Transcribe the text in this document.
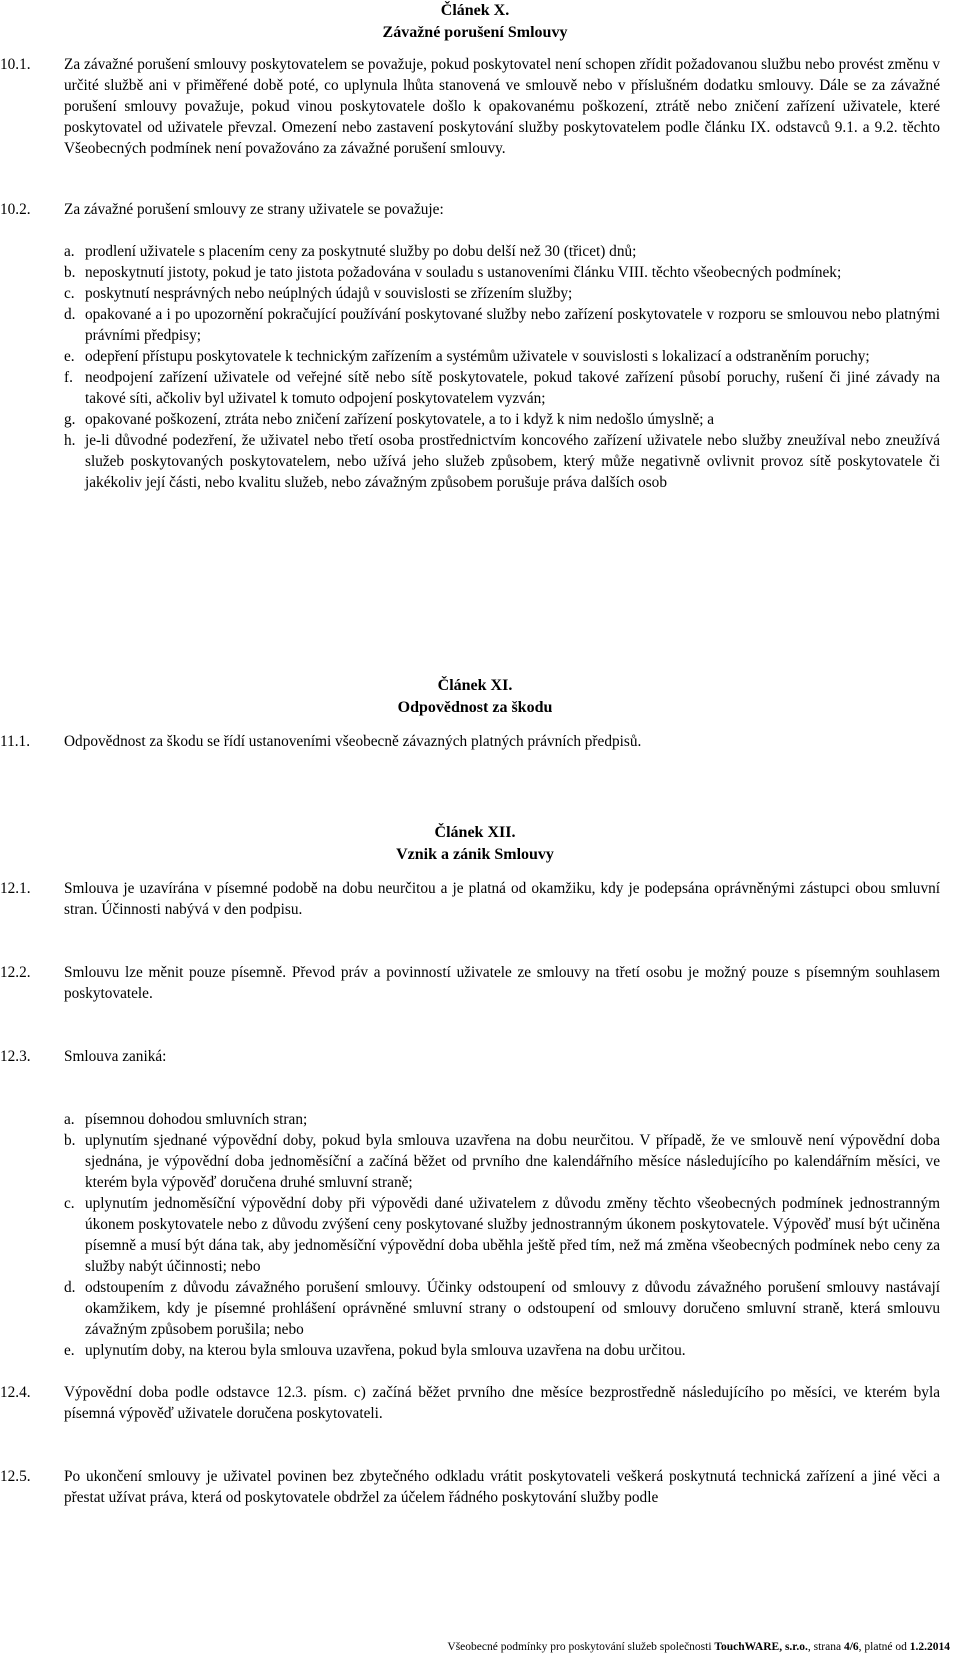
Článek X.
Závažné porušení Smlouvy
10.1. Za závažné porušení smlouvy poskytovatelem se považuje, pokud poskytovatel není schopen zřídit požadovanou službu nebo provést změnu v určité službě ani v přiměřené době poté, co uplynula lhůta stanovená ve smlouvě nebo v příslušném dodatku smlouvy. Dále se za závažné porušení smlouvy považuje, pokud vinou poskytovatele došlo k opakovanému poškození, ztrátě nebo zničení zařízení uživatele, které poskytovatel od uživatele převzal. Omezení nebo zastavení poskytování služby poskytovatelem podle článku IX. odstavců 9.1. a 9.2. těchto Všeobecných podmínek není považováno za závažné porušení smlouvy.
10.2. Za závažné porušení smlouvy ze strany uživatele se považuje:
a. prodlení uživatele s placením ceny za poskytnuté služby po dobu delší než 30 (třicet) dnů;
b. neposkytnutí jistoty, pokud je tato jistota požadována v souladu s ustanoveními článku VIII. těchto všeobecných podmínek;
c. poskytnutí nesprávných nebo neúplných údajů v souvislosti se zřízením služby;
d. opakované a i po upozornění pokračující používání poskytované služby nebo zařízení poskytovatele v rozporu se smlouvou nebo platnými právními předpisy;
e. odepření přístupu poskytovatele k technickým zařízením a systémům uživatele v souvislosti s lokalizací a odstraněním poruchy;
f. neodpojení zařízení uživatele od veřejné sítě nebo sítě poskytovatele, pokud takové zařízení působí poruchy, rušení či jiné závady na takové síti, ačkoliv byl uživatel k tomuto odpojení poskytovatelem vyzván;
g. opakované poškození, ztráta nebo zničení zařízení poskytovatele, a to i když k nim nedošlo úmyslně; a
h. je-li důvodné podezření, že uživatel nebo třetí osoba prostřednictvím koncového zařízení uživatele nebo služby zneužíval nebo zneužívá služeb poskytovaných poskytovatelem, nebo užívá jeho služeb způsobem, který může negativně ovlivnit provoz sítě poskytovatele či jakékoliv její části, nebo kvalitu služeb, nebo závažným způsobem porušuje práva dalších osob
Článek XI.
Odpovědnost za škodu
11.1. Odpovědnost za škodu se řídí ustanoveními všeobecně závazných platných právních předpisů.
Článek XII.
Vznik a zánik Smlouvy
12.1. Smlouva je uzavírána v písemné podobě na dobu neurčitou a je platná od okamžiku, kdy je podepsána oprávněnými zástupci obou smluvní stran. Účinnosti nabývá v den podpisu.
12.2. Smlouvu lze měnit pouze písemně. Převod práv a povinností uživatele ze smlouvy na třetí osobu je možný pouze s písemným souhlasem poskytovatele.
12.3. Smlouva zaniká:
a. písemnou dohodou smluvních stran;
b. uplynutím sjednané výpovědní doby, pokud byla smlouva uzavřena na dobu neurčitou. V případě, že ve smlouvě není výpovědní doba sjednána, je výpovědní doba jednoměsíční a začíná běžet od prvního dne kalendářního měsíce následujícího po kalendářním měsíci, ve kterém byla výpověď doručena druhé smluvní straně;
c. uplynutím jednoměsíční výpovědní doby při výpovědi dané uživatelem z důvodu změny těchto všeobecných podmínek jednostranným úkonem poskytovatele nebo z důvodu zvýšení ceny poskytované služby jednostranným úkonem poskytovatele. Výpověď musí být učiněna písemně a musí být dána tak, aby jednoměsíční výpovědní doba uběhla ještě před tím, než má změna všeobecných podmínek nebo ceny za služby nabýt účinnosti; nebo
d. odstoupením z důvodu závažného porušení smlouvy. Účinky odstoupení od smlouvy z důvodu závažného porušení smlouvy nastávají okamžikem, kdy je písemné prohlášení oprávněné smluvní strany o odstoupení od smlouvy doručeno smluvní straně, která smlouvu závažným způsobem porušila; nebo
e. uplynutím doby, na kterou byla smlouva uzavřena, pokud byla smlouva uzavřena na dobu určitou.
12.4. Výpovědní doba podle odstavce 12.3. písm. c) začíná běžet prvního dne měsíce bezprostředně následujícího po měsíci, ve kterém byla písemná výpověď uživatele doručena poskytovateli.
12.5. Po ukončení smlouvy je uživatel povinen bez zbytečného odkladu vrátit poskytovateli veškerá poskytnutá technická zařízení a jiné věci a přestat užívat práva, která od poskytovatele obdržel za účelem řádného poskytování služby podle
Všeobecné podmínky pro poskytování služeb společnosti TouchWARE, s.r.o., strana 4/6, platné od 1.2.2014
